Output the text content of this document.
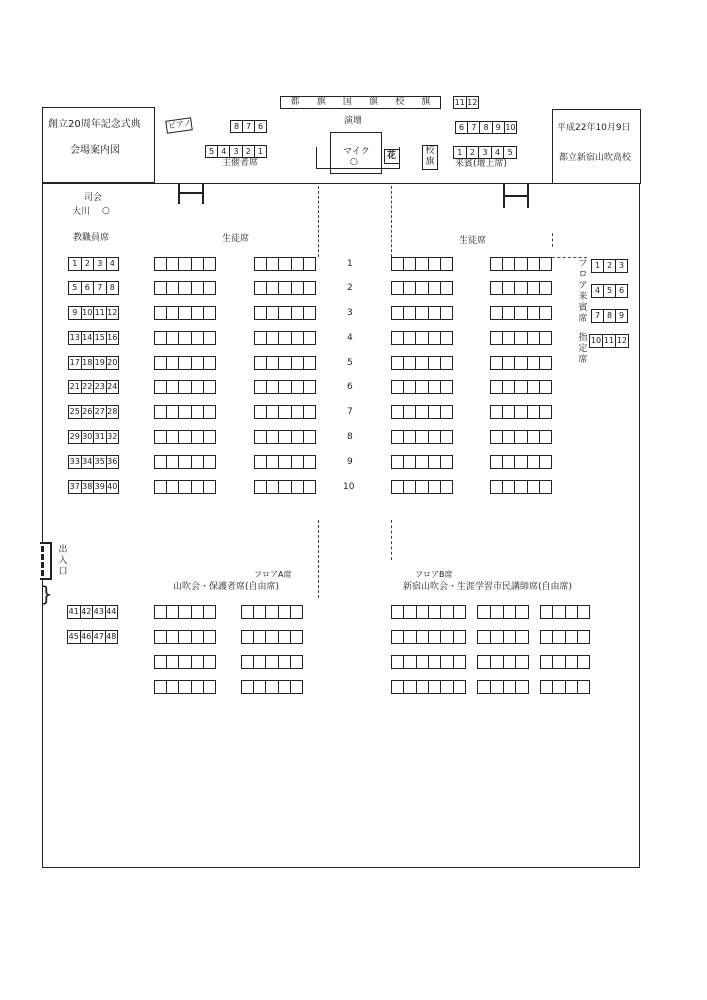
創立20周年記念式典
会場案内図
平成22年10月9日
都立新宿山吹高校
都 旗 国 旗 校 旗	11 12
ピアノ	8 7 6
5 4 3 2 1
主催者席
演壇
マイク
○
花	校旗
6 7 8 9 10
1 2 3 4 5
来賓(壇上席)
司会
大川 ○
教職員席	生徒席	生徒席
1 2 3 4
5 6 7 8
9 10 11 12
13 14 15 16
17 18 19 20
21 22 23 24
25 26 27 28
29 30 31 32
33 34 35 36
37 38 39 40
41 42 43 44
45 46 47 48
1
2
3
4
5
6
7
8
9
10
フロア来賓席
指定席
1 2 3
4 5 6
7 8 9
10 11 12
出入口
}
フロアA席
山吹会・保護者席(自由席)
フロアB席
新宿山吹会・生涯学習市民講師席(自由席)
